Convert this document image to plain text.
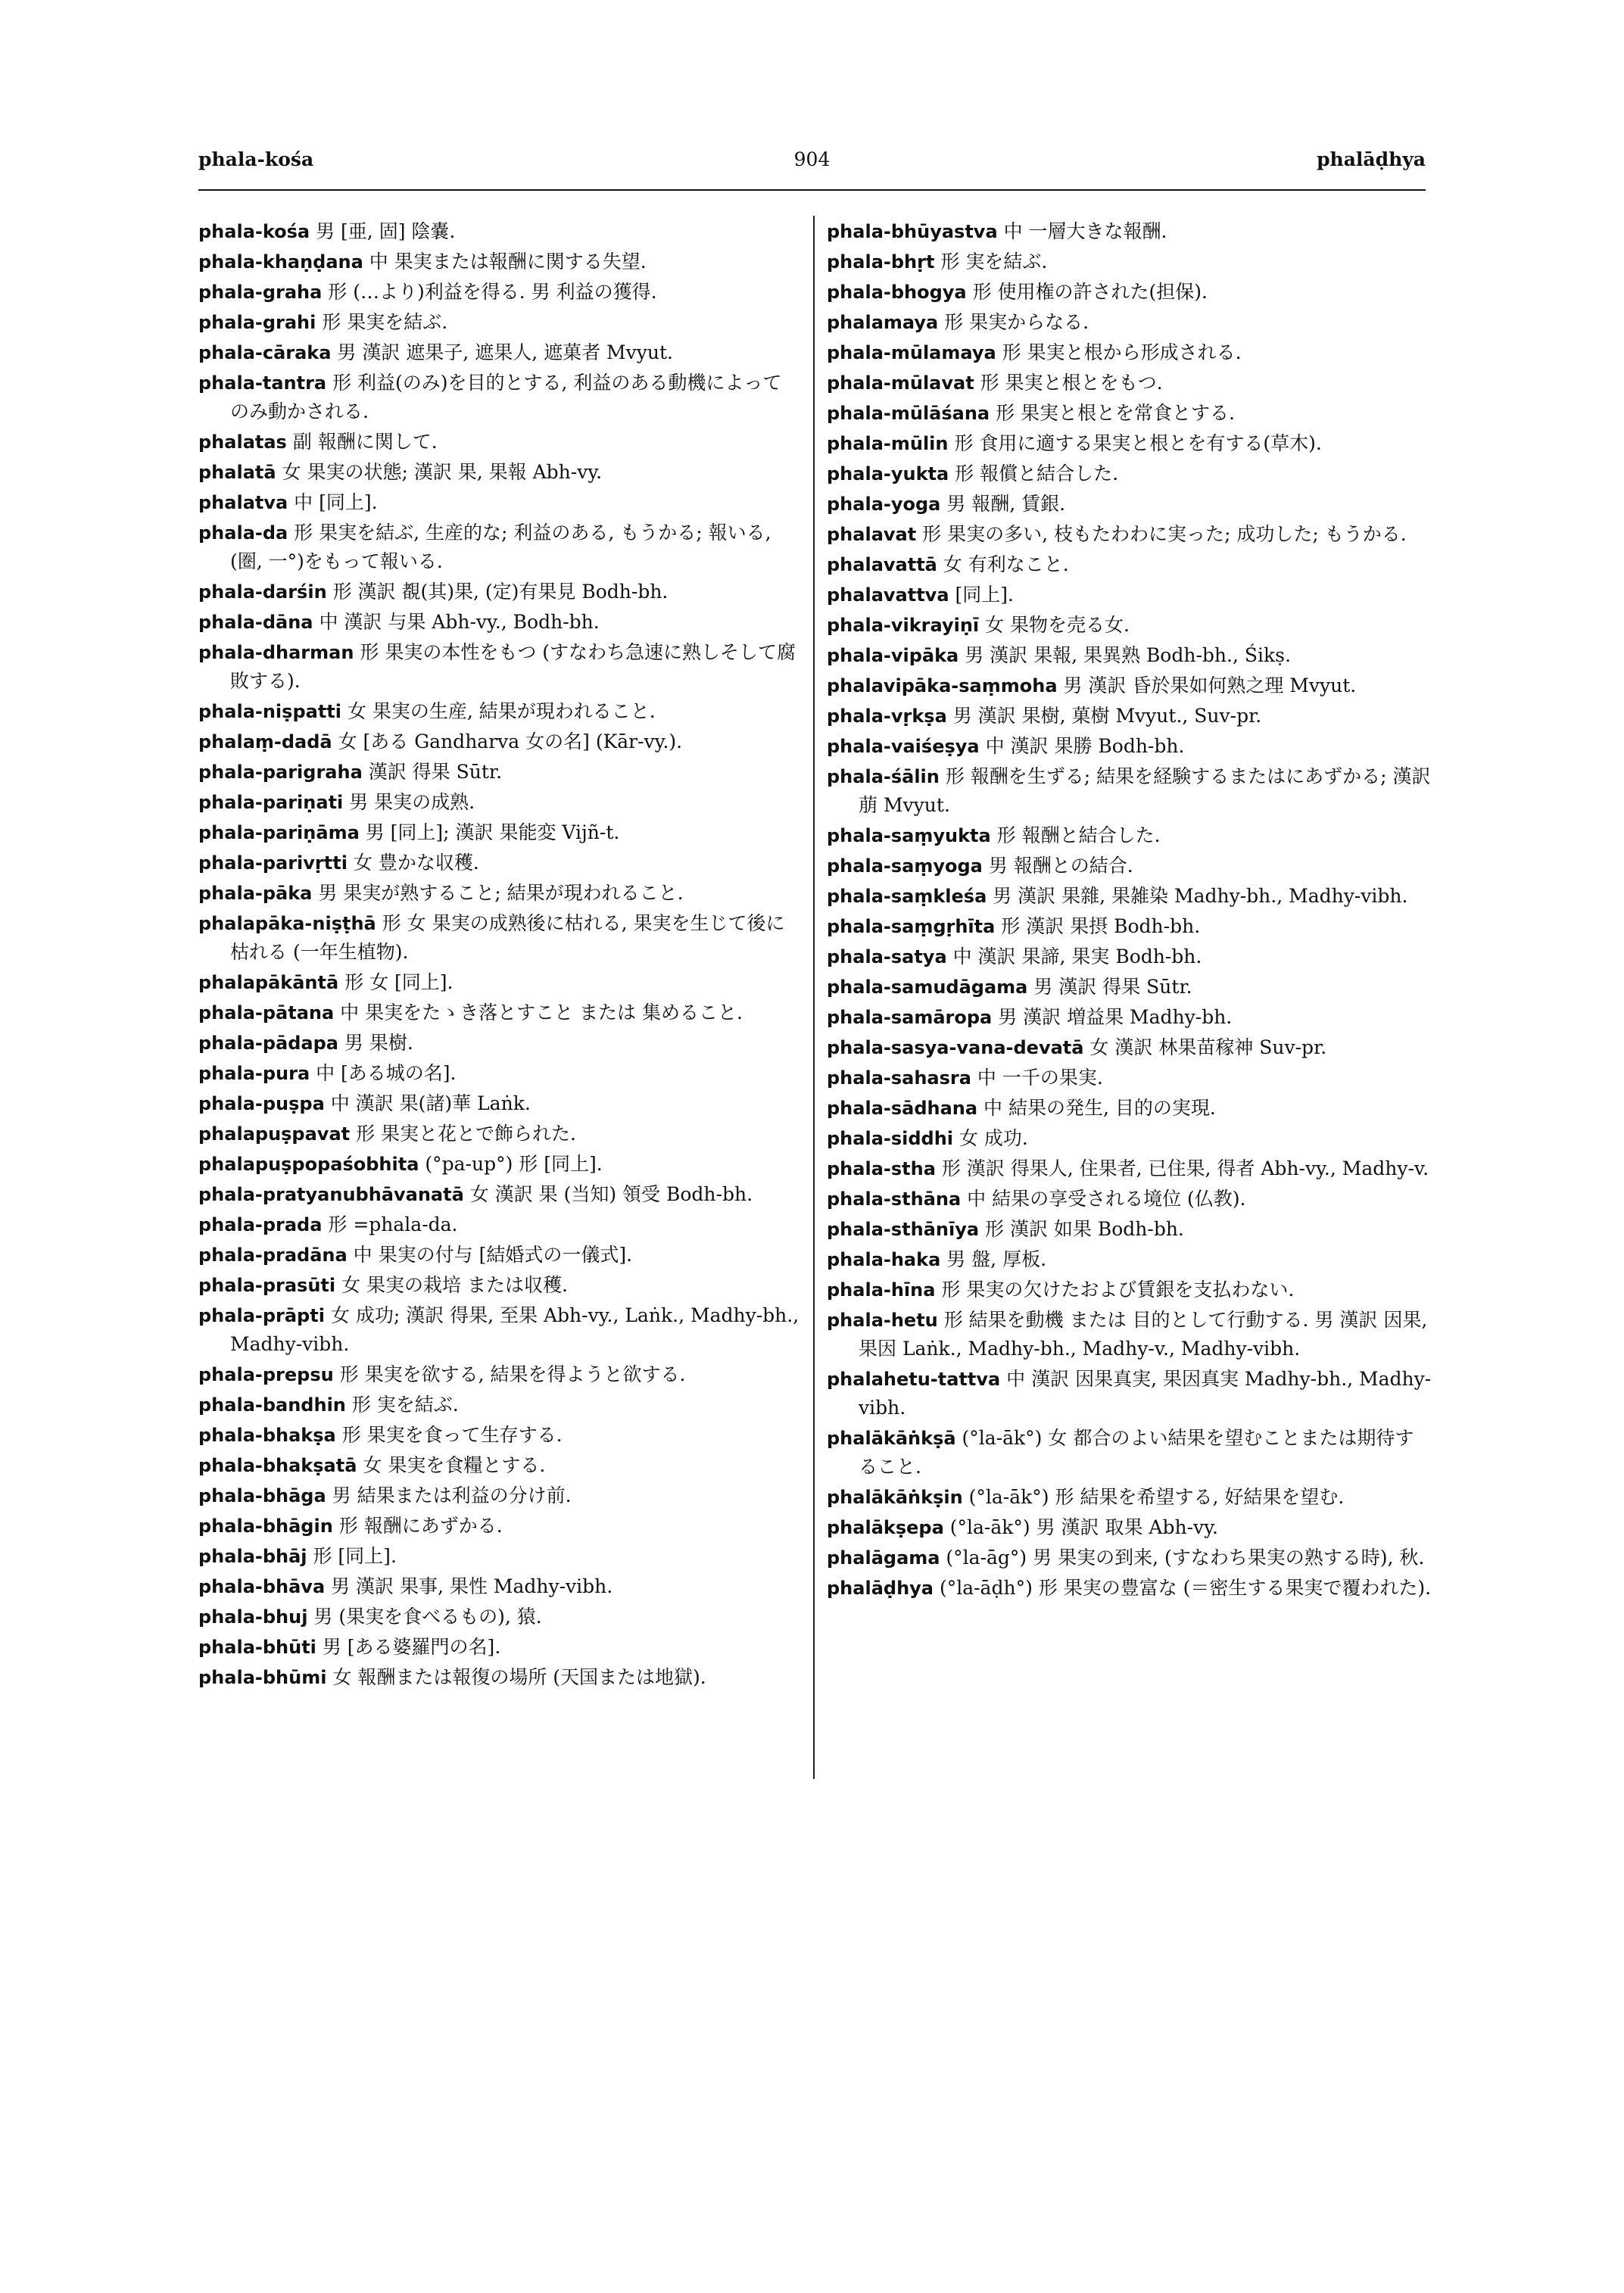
phala-kośa	904	phalāḍhya

phala-kośa 男 [亜, 固] 陰嚢.

phala-khaṇḍana 中 果実または報酬に関する失望.

phala-graha 形 (…より)利益を得る. 男 利益の獲得.

phala-grahi 形 果実を結ぶ.

phala-cāraka 男 漢訳 遮果子, 遮果人, 遮菓者 Mvyut.

phala-tantra 形 利益(のみ)を目的とする, 利益のある動機によってのみ動かされる.

phalatas 副 報酬に関して.

phalatā 女 果実の状態; 漢訳 果, 果報 Abh-vy.

phalatva 中 [同上].

phala-da 形 果実を結ぶ, 生産的な; 利益のある, もうかる; 報いる, (圏, 一°)をもって報いる.

phala-darśin 形 漢訳 覩(其)果, (定)有果見 Bodh-bh.

phala-dāna 中 漢訳 与果 Abh-vy., Bodh-bh.

phala-dharman 形 果実の本性をもつ (すなわち急速に熟しそして腐敗する).

phala-niṣpatti 女 果実の生産, 結果が現われること.

phalaṃ-dadā 女 [ある Gandharva 女の名] (Kār-vy.).

phala-parigraha 漢訳 得果 Sūtr.

phala-pariṇati 男 果実の成熟.

phala-pariṇāma 男 [同上]; 漢訳 果能変 Vijñ-t.

phala-parivṛtti 女 豊かな収穫.

phala-pāka 男 果実が熟すること; 結果が現われること.

phalapāka-niṣṭhā 形 女 果実の成熟後に枯れる, 果実を生じて後に枯れる (一年生植物).

phalapākāntā 形 女 [同上].

phala-pātana 中 果実をたゝき落とすこと または 集めること.

phala-pādapa 男 果樹.

phala-pura 中 [ある城の名].

phala-puṣpa 中 漢訳 果(諸)華 Laṅk.

phalapuṣpavat 形 果実と花とで飾られた.

phalapuṣpopaśobhita (°pa-up°) 形 [同上].

phala-pratyanubhāvanatā 女 漢訳 果 (当知) 領受 Bodh-bh.

phala-prada 形 =phala-da.

phala-pradāna 中 果実の付与 [結婚式の一儀式].

phala-prasūti 女 果実の栽培 または収穫.

phala-prāpti 女 成功; 漢訳 得果, 至果 Abh-vy., Laṅk., Madhy-bh., Madhy-vibh.

phala-prepsu 形 果実を欲する, 結果を得ようと欲する.

phala-bandhin 形 実を結ぶ.

phala-bhakṣa 形 果実を食って生存する.

phala-bhakṣatā 女 果実を食糧とする.

phala-bhāga 男 結果または利益の分け前.

phala-bhāgin 形 報酬にあずかる.

phala-bhāj 形 [同上].

phala-bhāva 男 漢訳 果事, 果性 Madhy-vibh.

phala-bhuj 男 (果実を食べるもの), 猿.

phala-bhūti 男 [ある婆羅門の名].

phala-bhūmi 女 報酬または報復の場所 (天国または地獄).

phala-bhūyastva 中 一層大きな報酬.

phala-bhṛt 形 実を結ぶ.

phala-bhogya 形 使用権の許された(担保).

phalamaya 形 果実からなる.

phala-mūlamaya 形 果実と根から形成される.

phala-mūlavat 形 果実と根とをもつ.

phala-mūlāśana 形 果実と根とを常食とする.

phala-mūlin 形 食用に適する果実と根とを有する(草木).

phala-yukta 形 報償と結合した.

phala-yoga 男 報酬, 賃銀.

phalavat 形 果実の多い, 枝もたわわに実った; 成功した; もうかる.

phalavattā 女 有利なこと.

phalavattva [同上].

phala-vikrayiṇī 女 果物を売る女.

phala-vipāka 男 漢訳 果報, 果異熟 Bodh-bh., Śikṣ.

phalavipāka-saṃmoha 男 漢訳 昏於果如何熟之理 Mvyut.

phala-vṛkṣa 男 漢訳 果樹, 菓樹 Mvyut., Suv-pr.

phala-vaiśeṣya 中 漢訳 果勝 Bodh-bh.

phala-śālin 形 報酬を生ずる; 結果を経験するまたはにあずかる; 漢訳 萠 Mvyut.

phala-saṃyukta 形 報酬と結合した.

phala-saṃyoga 男 報酬との結合.

phala-saṃkleśa 男 漢訳 果雜, 果雑染 Madhy-bh., Madhy-vibh.

phala-saṃgṛhīta 形 漢訳 果摂 Bodh-bh.

phala-satya 中 漢訳 果諦, 果実 Bodh-bh.

phala-samudāgama 男 漢訳 得果 Sūtr.

phala-samāropa 男 漢訳 増益果 Madhy-bh.

phala-sasya-vana-devatā 女 漢訳 林果苗稼神 Suv-pr.

phala-sahasra 中 一千の果実.

phala-sādhana 中 結果の発生, 目的の実現.

phala-siddhi 女 成功.

phala-stha 形 漢訳 得果人, 住果者, 已住果, 得者 Abh-vy., Madhy-v.

phala-sthāna 中 結果の享受される境位 (仏教).

phala-sthānīya 形 漢訳 如果 Bodh-bh.

phala-haka 男 盤, 厚板.

phala-hīna 形 果実の欠けたおよび賃銀を支払わない.

phala-hetu 形 結果を動機 または 目的として行動する. 男 漢訳 因果, 果因 Laṅk., Madhy-bh., Madhy-v., Madhy-vibh.

phalahetu-tattva 中 漢訳 因果真実, 果因真実 Madhy-bh., Madhy-vibh.

phalākāṅkṣā (°la-āk°) 女 都合のよい結果を望むことまたは期待すること.

phalākāṅkṣin (°la-āk°) 形 結果を希望する, 好結果を望む.

phalākṣepa (°la-āk°) 男 漢訳 取果 Abh-vy.

phalāgama (°la-āg°) 男 果実の到来, (すなわち果実の熟する時), 秋.

phalāḍhya (°la-āḍh°) 形 果実の豊富な (＝密生する果実で覆われた).
